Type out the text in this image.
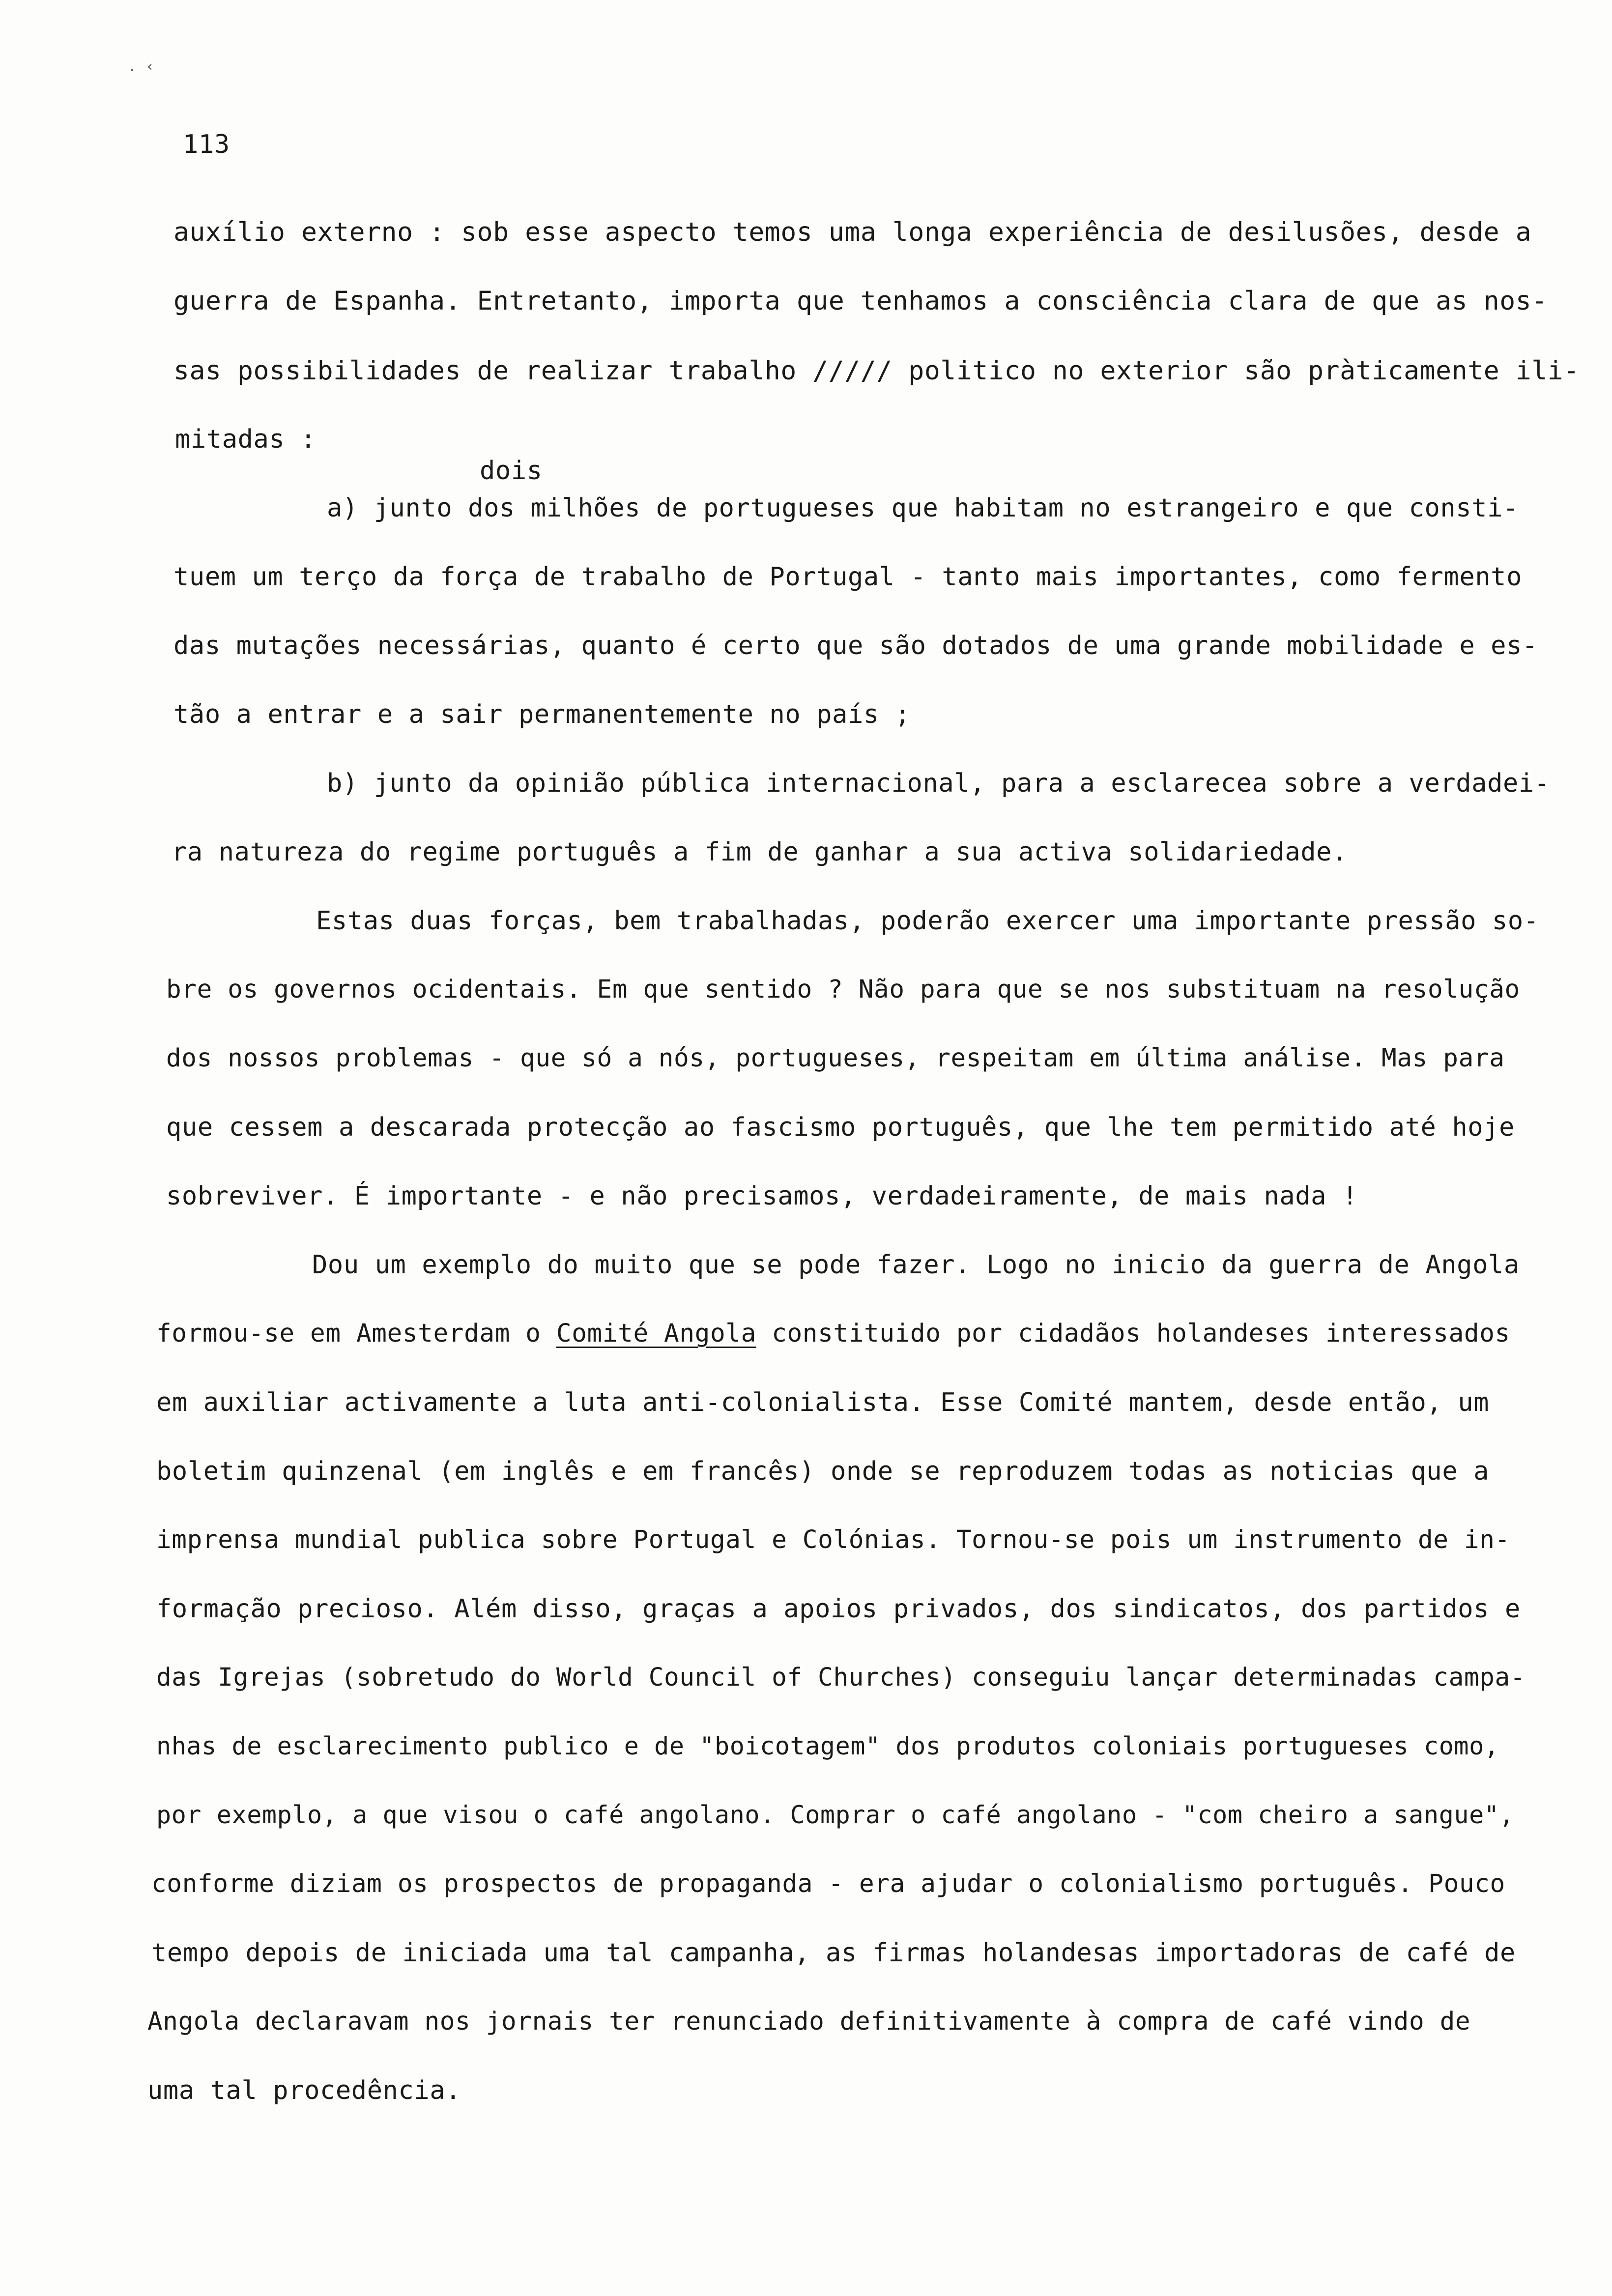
. ‹
113
auxílio externo : sob esse aspecto temos uma longa experiência de desilusões, desde a
guerra de Espanha. Entretanto, importa que tenhamos a consciência clara de que as nos-
sas possibilidades de realizar trabalho ///// politico no exterior são pràticamente ili-
mitadas :
dois
a) junto dos milhões de portugueses que habitam no estrangeiro e que consti-
tuem um terço da força de trabalho de Portugal - tanto mais importantes, como fermento
das mutações necessárias, quanto é certo que são dotados de uma grande mobilidade e es-
tão a entrar e a sair permanentemente no país ;
b) junto da opinião pública internacional, para a esclarecea sobre a verdadei-
ra natureza do regime português a fim de ganhar a sua activa solidariedade.
Estas duas forças, bem trabalhadas, poderão exercer uma importante pressão so-
bre os governos ocidentais. Em que sentido ? Não para que se nos substituam na resolução
dos nossos problemas - que só a nós, portugueses, respeitam em última análise. Mas para
que cessem a descarada protecção ao fascismo português, que lhe tem permitido até hoje
sobreviver. É importante - e não precisamos, verdadeiramente, de mais nada !
Dou um exemplo do muito que se pode fazer. Logo no inicio da guerra de Angola
formou-se em Amesterdam o Comité Angola constituido por cidadãos holandeses interessados
em auxiliar activamente a luta anti-colonialista. Esse Comité mantem, desde então, um
boletim quinzenal (em inglês e em francês) onde se reproduzem todas as noticias que a
imprensa mundial publica sobre Portugal e Colónias. Tornou-se pois um instrumento de in-
formação precioso. Além disso, graças a apoios privados, dos sindicatos, dos partidos e
das Igrejas (sobretudo do World Council of Churches) conseguiu lançar determinadas campa-
nhas de esclarecimento publico e de "boicotagem" dos produtos coloniais portugueses como,
por exemplo, a que visou o café angolano. Comprar o café angolano - "com cheiro a sangue",
conforme diziam os prospectos de propaganda - era ajudar o colonialismo português. Pouco
tempo depois de iniciada uma tal campanha, as firmas holandesas importadoras de café de
Angola declaravam nos jornais ter renunciado definitivamente à compra de café vindo de
uma tal procedência.
